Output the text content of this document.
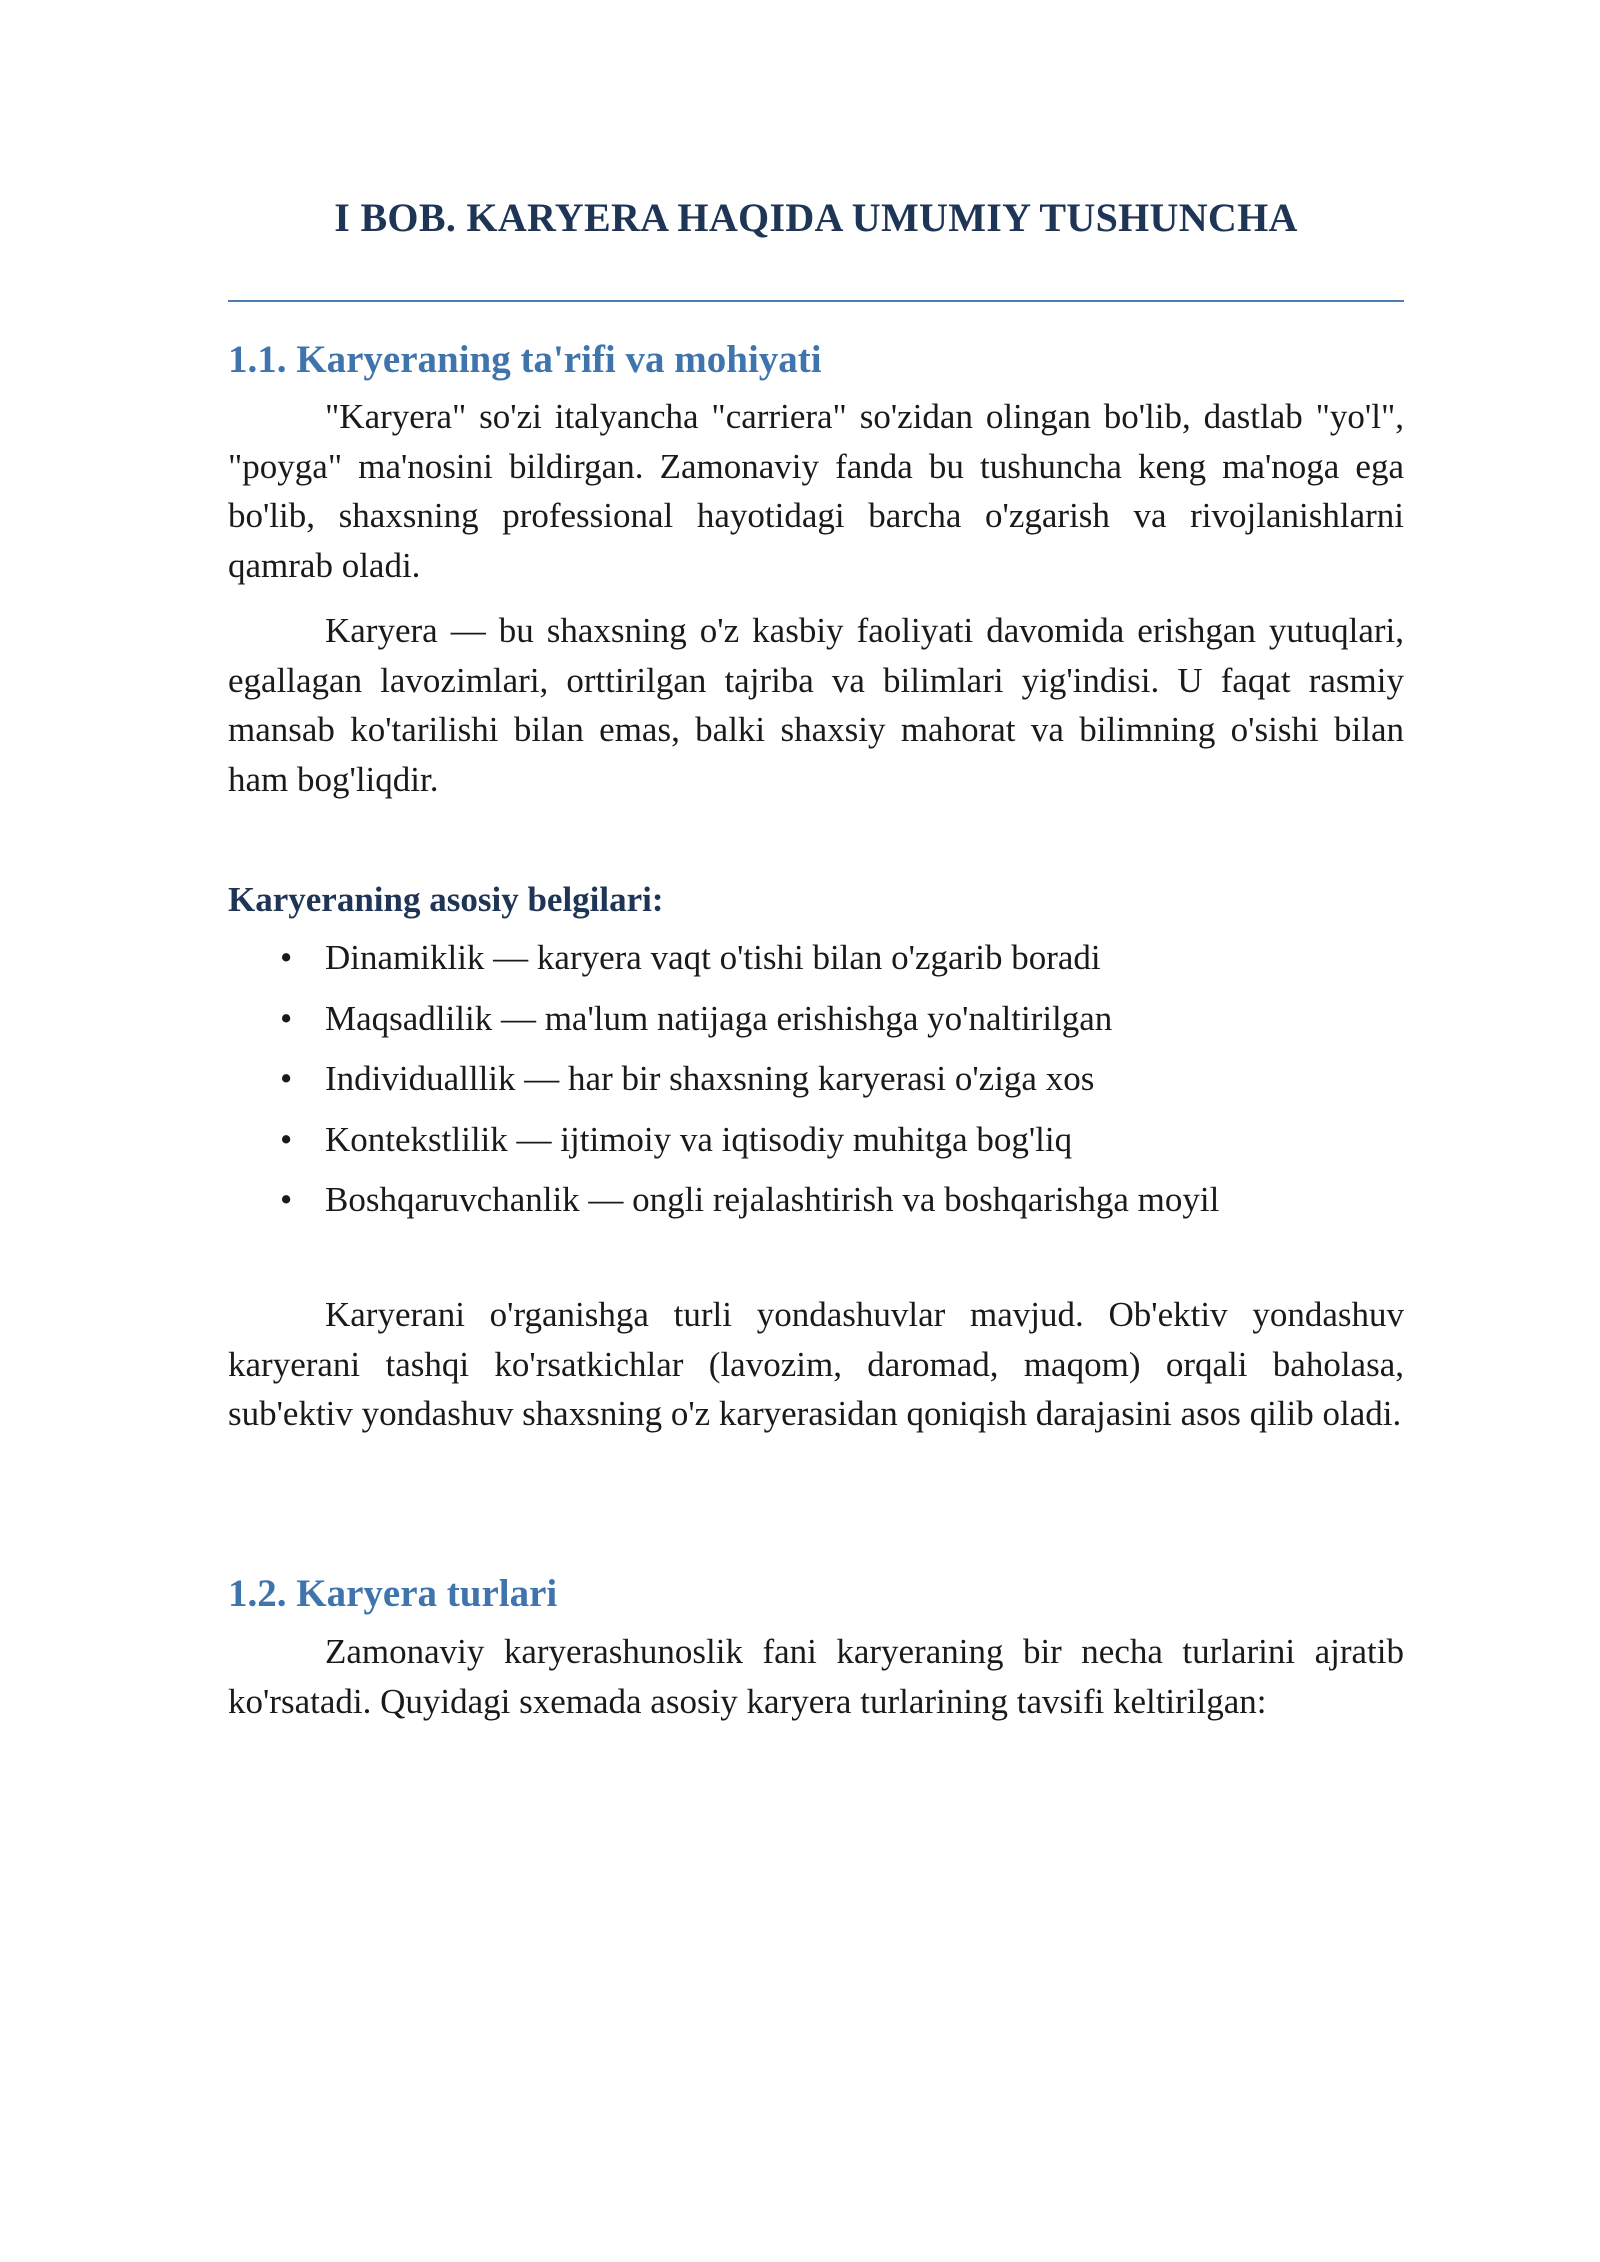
I BOB. KARYERA HAQIDA UMUMIY TUSHUNCHA
1.1. Karyeraning ta'rifi va mohiyati

"Karyera" so'zi italyancha "carriera" so'zidan olingan bo'lib, dastlab "yo'l", "poyga" ma'nosini bildirgan. Zamonaviy fanda bu tushuncha keng ma'noga ega bo'lib, shaxsning professional hayotidagi barcha o'zgarish va rivojlanishlarni qamrab oladi.

Karyera — bu shaxsning o'z kasbiy faoliyati davomida erishgan yutuqlari, egallagan lavozimlari, orttirilgan tajriba va bilimlari yig'indisi. U faqat rasmiy mansab ko'tarilishi bilan emas, balki shaxsiy mahorat va bilimning o'sishi bilan ham bog'liqdir.

Karyeraning asosiy belgilari:
• Dinamiklik — karyera vaqt o'tishi bilan o'zgarib boradi
• Maqsadlilik — ma'lum natijaga erishishga yo'naltirilgan
• Individualllik — har bir shaxsning karyerasi o'ziga xos
• Kontekstlilik — ijtimoiy va iqtisodiy muhitga bog'liq
• Boshqaruvchanlik — ongli rejalashtirish va boshqarishga moyil

Karyerani o'rganishga turli yondashuvlar mavjud. Ob'ektiv yondashuv karyerani tashqi ko'rsatkichlar (lavozim, daromad, maqom) orqali baholasa, sub'ektiv yondashuv shaxsning o'z karyerasidan qoniqish darajasini asos qilib oladi.

1.2. Karyera turlari

Zamonaviy karyerashunoslik fani karyeraning bir necha turlarini ajratib ko'rsatadi. Quyidagi sxemada asosiy karyera turlarining tavsifi keltirilgan:
